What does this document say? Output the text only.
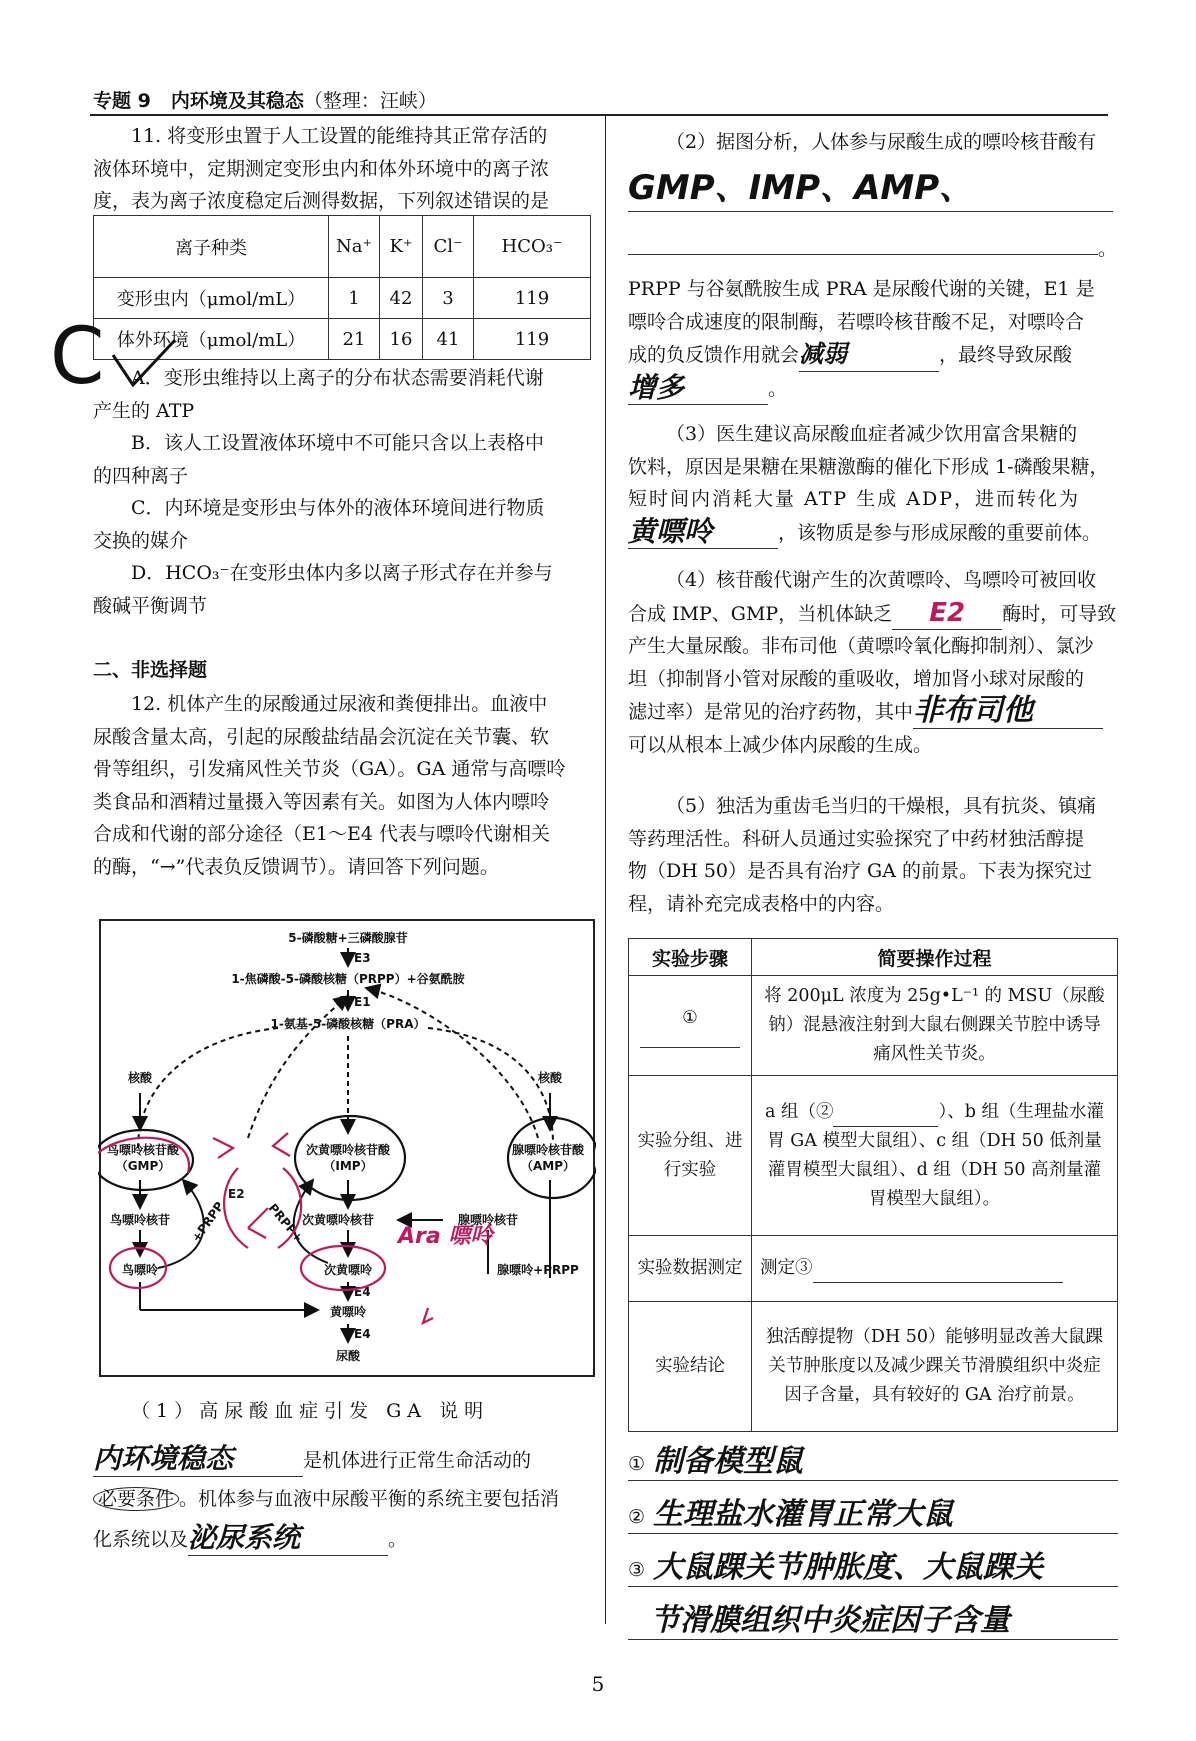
专题 9 内环境及其稳态（整理：汪峡）

11. 将变形虫置于人工设置的能维持其正常存活的

液体环境中，定期测定变形虫内和体外环境中的离子浓

度，表为离子浓度稳定后测得数据，下列叙述错误的是

离子种类	Na⁺	K⁺	Cl⁻	HCO₃⁻
变形虫内（μmol/mL）	1	42	3	119
体外环境（μmol/mL）	21	16	41	119
C	A．变形虫维持以上离子的分布状态需要消耗代谢

产生的 ATP

B．该人工设置液体环境中不可能只含以上表格中

的四种离子

C．内环境是变形虫与体外的液体环境间进行物质

交换的媒介

D．HCO₃⁻在变形虫体内多以离子形式存在并参与

酸碱平衡调节

二、非选择题

12. 机体产生的尿酸通过尿液和粪便排出。血液中

尿酸含量太高，引起的尿酸盐结晶会沉淀在关节囊、软

骨等组织，引发痛风性关节炎（GA）。GA 通常与高嘌呤

类食品和酒精过量摄入等因素有关。如图为人体内嘌呤

合成和代谢的部分途径（E1～E4 代表与嘌呤代谢相关

的酶，“→”代表负反馈调节）。请回答下列问题。

5-磷酸糖+三磷酸腺苷
E3
1-焦磷酸-5-磷酸核糖（PRPP）+谷氨酰胺
E1
1-氨基-5-磷酸核糖（PRA）
核酸	核酸
鸟嘌呤核苷酸
（GMP）
次黄嘌呤核苷酸
（IMP）
腺嘌呤核苷酸
（AMP）
鸟嘌呤核苷	次黄嘌呤核苷	腺嘌呤核苷
E2
+PRPP	PRPP+
鸟嘌呤	次黄嘌呤	腺嘌呤+PRPP
E4
黄嘌呤
E4
尿酸
Ara 嘌呤

（1）高尿酸血症引发 GA 说明

内环境稳态	是机体进行正常生命活动的

必要条件 。机体参与血液中尿酸平衡的系统主要包括消

化系统以及泌尿系统	。

（2）据图分析，人体参与尿酸生成的嘌呤核苷酸有

GMP、IMP、AMP、

。

PRPP 与谷氨酰胺生成 PRA 是尿酸代谢的关键，E1 是

嘌呤合成速度的限制酶，若嘌呤核苷酸不足，对嘌呤合

成的负反馈作用就会减弱	，最终导致尿酸

增多	。

（3）医生建议高尿酸血症者减少饮用富含果糖的

饮料，原因是果糖在果糖激酶的催化下形成 1-磷酸果糖，

短时间内消耗大量 ATP 生成 ADP，进而转化为

黄嘌呤	，该物质是参与形成尿酸的重要前体。

（4）核苷酸代谢产生的次黄嘌呤、鸟嘌呤可被回收

合成 IMP、GMP，当机体缺乏 E2 酶时，可导致

产生大量尿酸。非布司他（黄嘌呤氧化酶抑制剂）、氯沙

坦（抑制肾小管对尿酸的重吸收，增加肾小球对尿酸的

滤过率）是常见的治疗药物，其中非布司他

可以从根本上减少体内尿酸的生成。

（5）独活为重齿毛当归的干燥根，具有抗炎、镇痛

等药理活性。科研人员通过实验探究了中药材独活醇提

物（DH 50）是否具有治疗 GA 的前景。下表为探究过

程，请补充完成表格中的内容。

实验步骤	简要操作过程

①	将 200μL 浓度为 25g•L⁻¹ 的 MSU（尿酸钠）混悬液注射到大鼠右侧踝关节腔中诱导痛风性关节炎。
实验分组、进行实验	a 组（② ）、b 组（生理盐水灌胃 GA 模型大鼠组）、c 组（DH 50 低剂量灌胃模型大鼠组）、d 组（DH 50 高剂量灌胃模型大鼠组）。
实验数据测定	测定③
实验结论	独活醇提物（DH 50）能够明显改善大鼠踝关节肿胀度以及减少踝关节滑膜组织中炎症因子含量，具有较好的 GA 治疗前景。
① 制备模型鼠
② 生理盐水灌胃正常大鼠
③ 大鼠踝关节肿胀度、大鼠踝关
节滑膜组织中炎症因子含量
5
